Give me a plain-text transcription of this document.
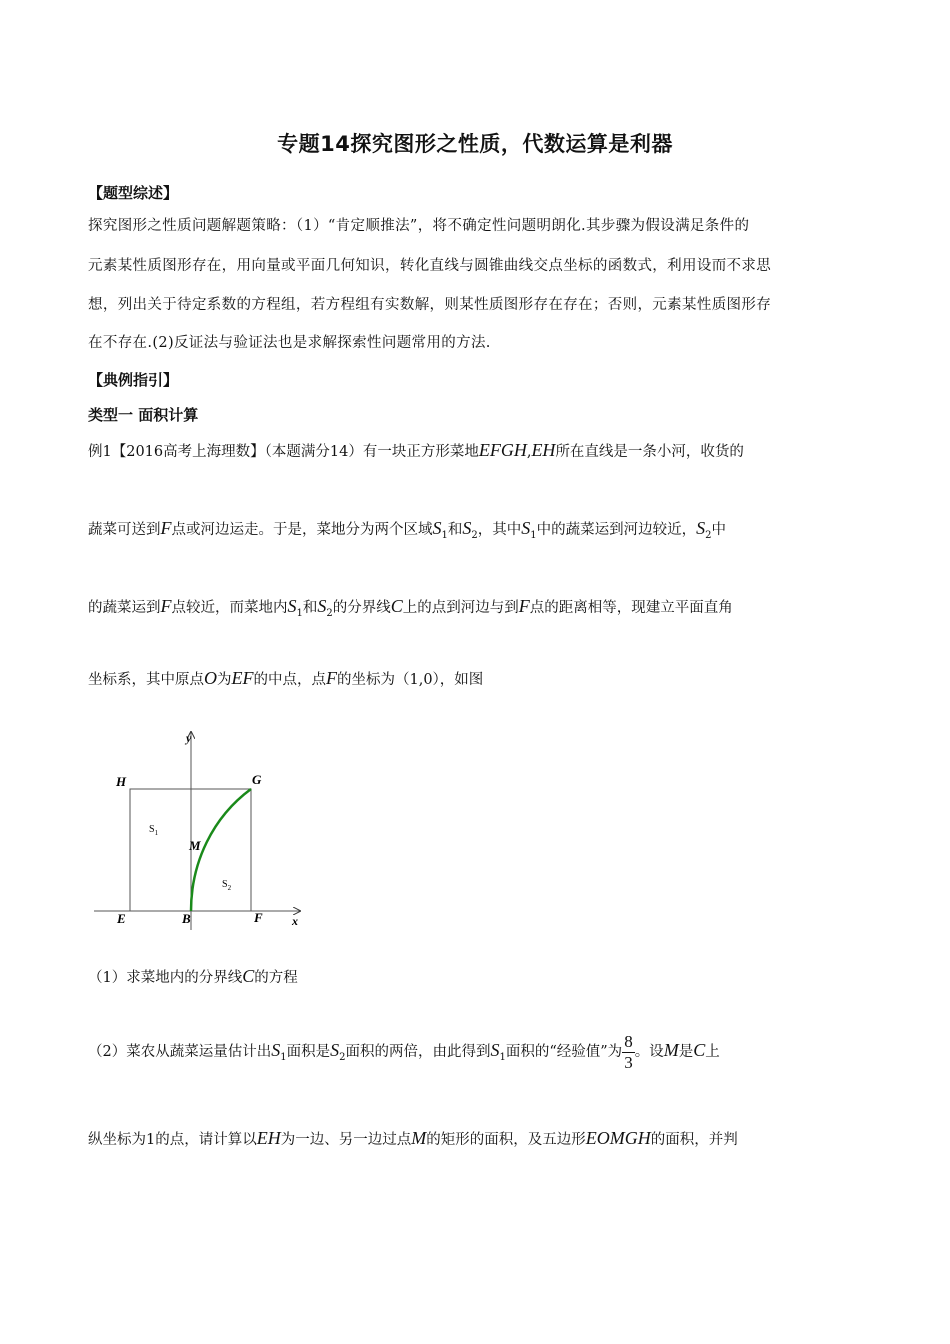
专题14探究图形之性质，代数运算是利器
【题型综述】
探究图形之性质问题解题策略：（1）“肯定顺推法”，将不确定性问题明朗化.其步骤为假设满足条件的
元素某性质图形存在，用向量或平面几何知识，转化直线与圆锥曲线交点坐标的函数式，利用设而不求思
想，列出关于待定系数的方程组，若方程组有实数解，则某性质图形存在存在；否则，元素某性质图形存
在不存在.(2)反证法与验证法也是求解探索性问题常用的方法.
【典例指引】
类型一 面积计算
例1【2016高考上海理数】（本题满分14）有一块正方形菜地EFGH,EH所在直线是一条小河，收货的
蔬菜可送到F点或河边运走。于是，菜地分为两个区域$S_1$和$S_2$，其中$S_1$中的蔬菜运到河边较近，$S_2$中
的蔬菜运到F点较近，而菜地内$S_1$和$S_2$的分界线C上的点到河边与到F点的距离相等，现建立平面直角
坐标系，其中原点O为EF的中点，点F的坐标为（1,0），如图
y
x
H	G
M
E	B	F
$S_1$
$S_2$
（1）求菜地内的分界线C的方程
（2）菜农从蔬菜运量估计出$S_1$面积是$S_2$面积的两倍，由此得到$S_1$面积的“经验值”为 $\frac{8}{3}$ 。设M是C上
纵坐标为1的点，请计算以EH为一边、另一边过点M的矩形的面积，及五边形EOMGH的面积，并判
